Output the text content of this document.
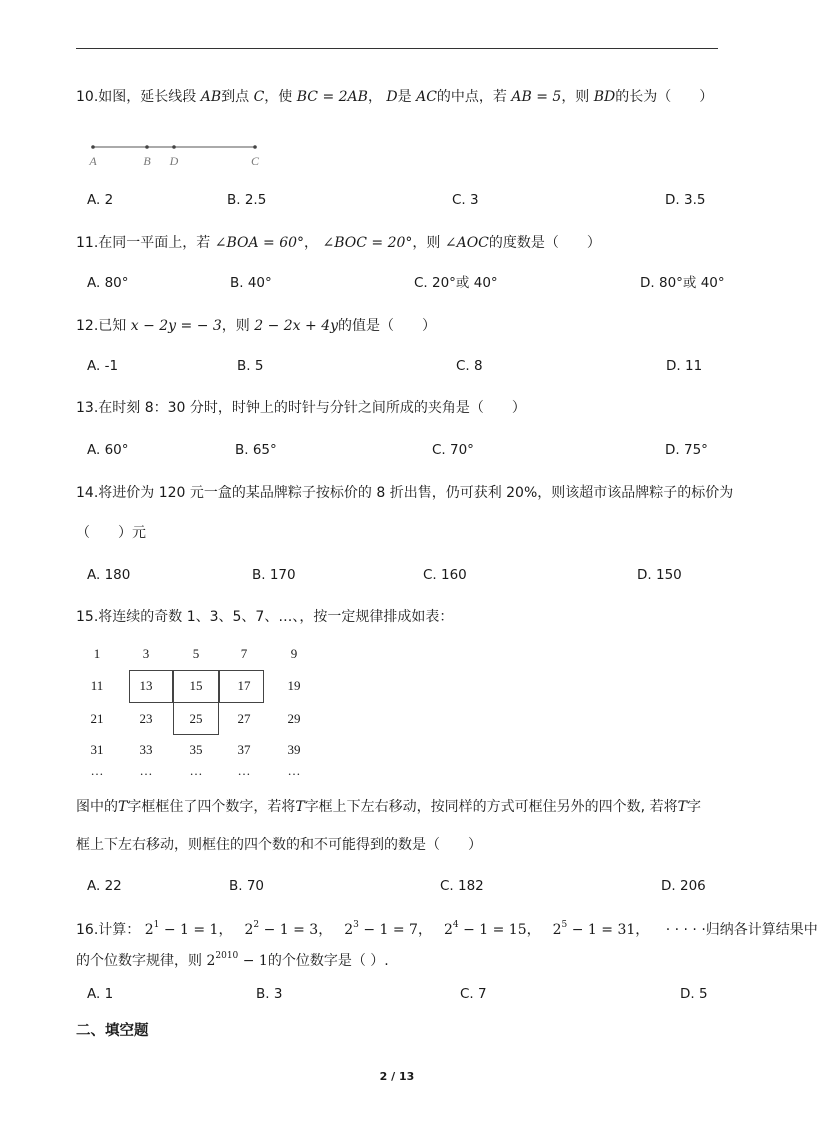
10.如图，延长线段 AB到点 C，使 BC = 2AB， D是 AC的中点，若 AB = 5，则 BD的长为（　　）
A	B D	C
A. 2	B. 2.5	C. 3	D. 3.5
11.在同一平面上，若 ∠BOA = 60°， ∠BOC = 20°，则 ∠AOC的度数是（　　）
A. 80°	B. 40°	C. 20°或 40°	D. 80°或 40°
12.已知 x − 2y = − 3，则 2 − 2x + 4y的值是（　　）
A. -1	B. 5	C. 8	D. 11
13.在时刻 8：30 分时，时钟上的时针与分针之间所成的夹角是（　　）
A. 60°	B. 65°	C. 70°	D. 75°
14.将进价为 120 元一盒的某品牌粽子按标价的 8 折出售，仍可获利 20%，则该超市该品牌粽子的标价为
（　　）元
A. 180	B. 170	C. 160	D. 150
15.将连续的奇数 1、3、5、7、…、，按一定规律排成如表：
1	3	5	7	9
11	13	15	17	19
21	23	25	27	29
31	33	35	37	39
…	…	…	…	…
图中的T字框框住了四个数字，若将T字框上下左右移动，按同样的方式可框住另外的四个数, 若将T字
框上下左右移动，则框住的四个数的和不可能得到的数是（　　）
A. 22	B. 70	C. 182	D. 206
16.计算： $2^1 - 1 = 1$， $2^2 - 1 = 3$， $2^3 - 1 = 7$， $2^4 - 1 = 15$， $2^5 - 1 = 31$， · · · · ·归纳各计算结果中
的个位数字规律，则 $2^{2010} - 1$的个位数字是（ ）.
A. 1	B. 3	C. 7	D. 5
二、填空题
2 / 13
